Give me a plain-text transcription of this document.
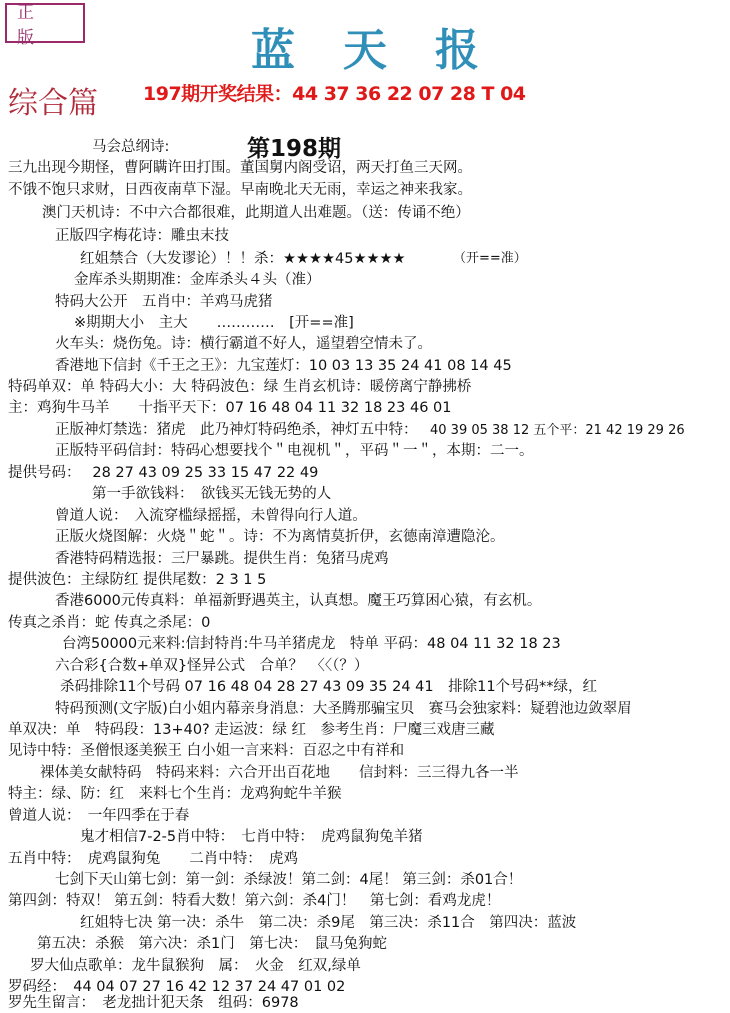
正 版	蓝天报
综合篇 197期开奖结果：44 37 36 22 07 28 T 04
第198期
马会总纲诗:
三九出现今期怪，曹阿瞒许田打围。董国舅内阁受诏，两天打鱼三天网。
不饿不饱只求财，日西夜南草下湿。早南晚北天无雨，幸运之神来我家。
澳门天机诗：不中六合都很难，此期道人出难题。（送：传诵不绝）
正版四字梅花诗：雕虫末技
红姐禁合（大发谬论）！！杀：★★★★45★★★★	（开==准）
金库杀头期期准：金库杀头４头（准）
特码大公开　五肖中：羊鸡马虎猪
※期期大小　主大　　…………　[开==准]
火车头：烧伤兔。诗：横行霸道不好人，遥望碧空情未了。
香港地下信封《千王之王》：九宝莲灯：10 03 13 35 24 41 08 14 45
特码单双：单 特码大小：大 特码波色：绿 生肖玄机诗：暖傍离宁静拂桥
主：鸡狗牛马羊　　十指平天下：07 16 48 04 11 32 18 23 46 01
正版神灯禁选：猪虎　此乃神灯特码绝杀，神灯五中特： 40 39 05 38 12 五个平：21 42 19 29 26
正版特平码信封：特码心想要找个＂电视机＂，平码＂一＂，本期：二一。
提供号码：　 28 27 43 09 25 33 15 47 22 49
第一手欲钱料：　欲钱买无钱无势的人
曾道人说：　入流穿槛绿摇摇，未曾得向行人道。
正版火烧图解：火烧＂蛇＂。诗：不为离情莫折伊，玄德南漳遭隐沦。
香港特码精选报：三尸暴跳。提供生肖：兔猪马虎鸡
提供波色：主绿防红 提供尾数：2 3 1 5
香港6000元传真料：单福新野遇英主，认真想。魔王巧算困心猿，有玄机。
传真之杀肖：蛇 传真之杀尾：0
台湾50000元来料:信封特肖:牛马羊猪虎龙　特单 平码：48 04 11 32 18 23
六合彩{合数+单双}怪异公式　合单？　〈〈（？）
杀码排除11个号码 07 16 48 04 28 27 43 09 35 24 41　排除11个号码**绿，红
特码预测(文字版)白小姐内幕亲身消息：大圣腾那骗宝贝　赛马会独家料：疑碧池边敛翠眉
单双决：单　特码段：13+40? 走运波：绿 红　参考生肖：尸魔三戏唐三藏
见诗中特：圣僧恨逐美猴王 白小姐一言来料：百忍之中有祥和
裸体美女献特码　特码来料：六合开出百花地　　信封料：三三得九各一半
特主：绿、防：红　来料七个生肖：龙鸡狗蛇牛羊猴
曾道人说：　一年四季在于春
鬼才相信7-2-5肖中特：　七肖中特：　虎鸡鼠狗兔羊猪
五肖中特：　虎鸡鼠狗兔　　二肖中特：　虎鸡
七剑下天山第七剑：第一剑：杀绿波！第二剑：4尾！ 第三剑：杀01合！
第四剑：特双！ 第五剑：特看大数！第六剑：杀4门！　第七剑：看鸡龙虎！
红姐特七决 第一决：杀牛　第二决：杀9尾　第三决：杀11合　第四决：蓝波
第五决：杀猴　第六决：杀1门　第七决：　鼠马兔狗蛇
罗大仙点歌单：龙牛鼠猴狗　属：　火金　红双,绿单
罗码经：　44 04 07 27 16 42 12 37 24 47 01 02
罗先生留言：　老龙拙计犯天条　组码：6978
